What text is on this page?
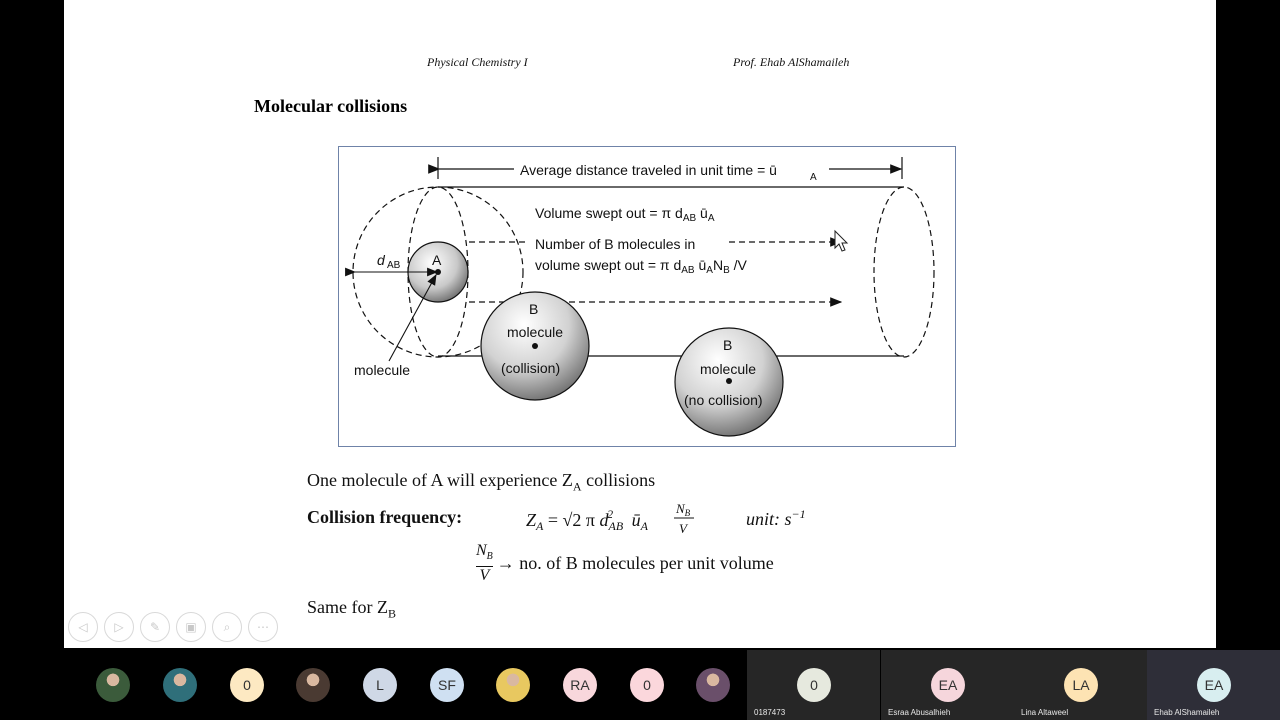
Physical Chemistry I	Prof. Ehab AlShamaileh
Molecular collisions
Average distance traveled in unit time = ū	A
A
d AB
Volume swept out = π $d_{AB}$ $ū_A$
Number of B molecules in
volume swept out = π $d_{AB}$ $ū_AN_B$ /V
molecule
B
molecule
(collision)
B
molecule
(no collision)
One molecule of A will experience $Z_A$ collisions
Collision frequency:	$Z_A = √2$ π $d_{AB}2$ $ū_A$
$N_B$
V	unit: $s^{-1}$
$\frac{N_B}{V}$ → no. of B molecules per unit volume
Same for $Z_B$
◁	▷	✎	▣	⌕	⋯
0	L	SF	RA	0	0
0187473
EA
Esraa Abusalhieh
LA
Lina Altaweel
EA
Ehab AlShamaileh
